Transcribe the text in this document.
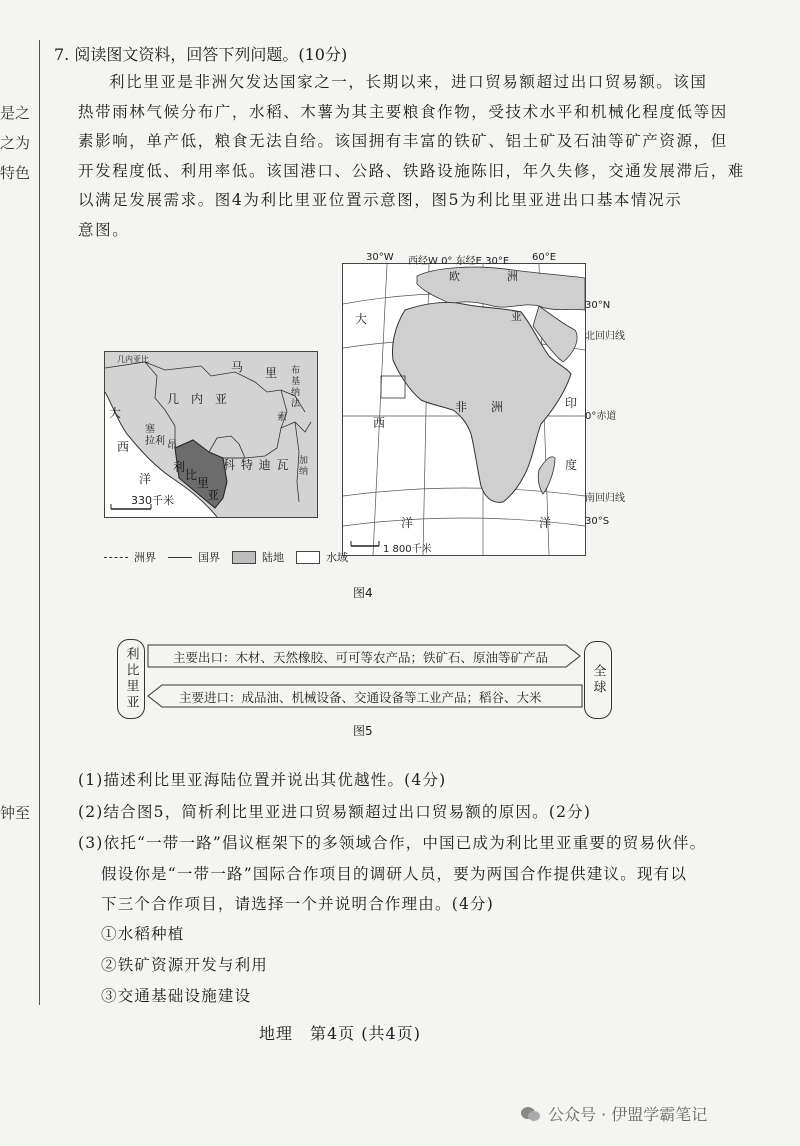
是之
之为
特色
钟至
7. 阅读图文资料，回答下列问题。(10分)

利比里亚是非洲欠发达国家之一，长期以来，进口贸易额超过出口贸易额。该国

热带雨林气候分布广，水稻、木薯为其主要粮食作物，受技术水平和机械化程度低等因

素影响，单产低，粮食无法自给。该国拥有丰富的铁矿、铝土矿及石油等矿产资源，但

开发程度低、利用率低。该国港口、公路、铁路设施陈旧，年久失修，交通发展滞后，难

以满足发展需求。图4为利比里亚位置示意图，图5为利比里亚进出口基本情况示

意图。

几内亚比
马 里
几 内 亚
布基纳法
索
大
西
洋
塞
拉 利 昂
利
比
里
亚
科 特 迪 瓦 加纳
330千米
欧	洲
亚
大
西
洋
非　　洲	印
度
洋
1 800千米
30°W 西经W 0° 东经E 30°E 60°E
30°N
北回归线
0°赤道
南回归线
30°S
洲界	国界	陆地	水域
图4
利比里亚	全球
主要出口：木材、天然橡胶、可可等农产品；铁矿石、原油等矿产品
主要进口：成品油、机械设备、交通设备等工业产品；稻谷、大米
图5
(1)描述利比里亚海陆位置并说出其优越性。(4分)
(2)结合图5，简析利比里亚进口贸易额超过出口贸易额的原因。(2分)
(3)依托“一带一路”倡议框架下的多领域合作，中国已成为利比里亚重要的贸易伙伴。
假设你是“一带一路”国际合作项目的调研人员，要为两国合作提供建议。现有以
下三个合作项目，请选择一个并说明合作理由。(4分)
①水稻种植
②铁矿资源开发与利用
③交通基础设施建设
地理　第4页 (共4页)
公众号 · 伊盟学霸笔记
